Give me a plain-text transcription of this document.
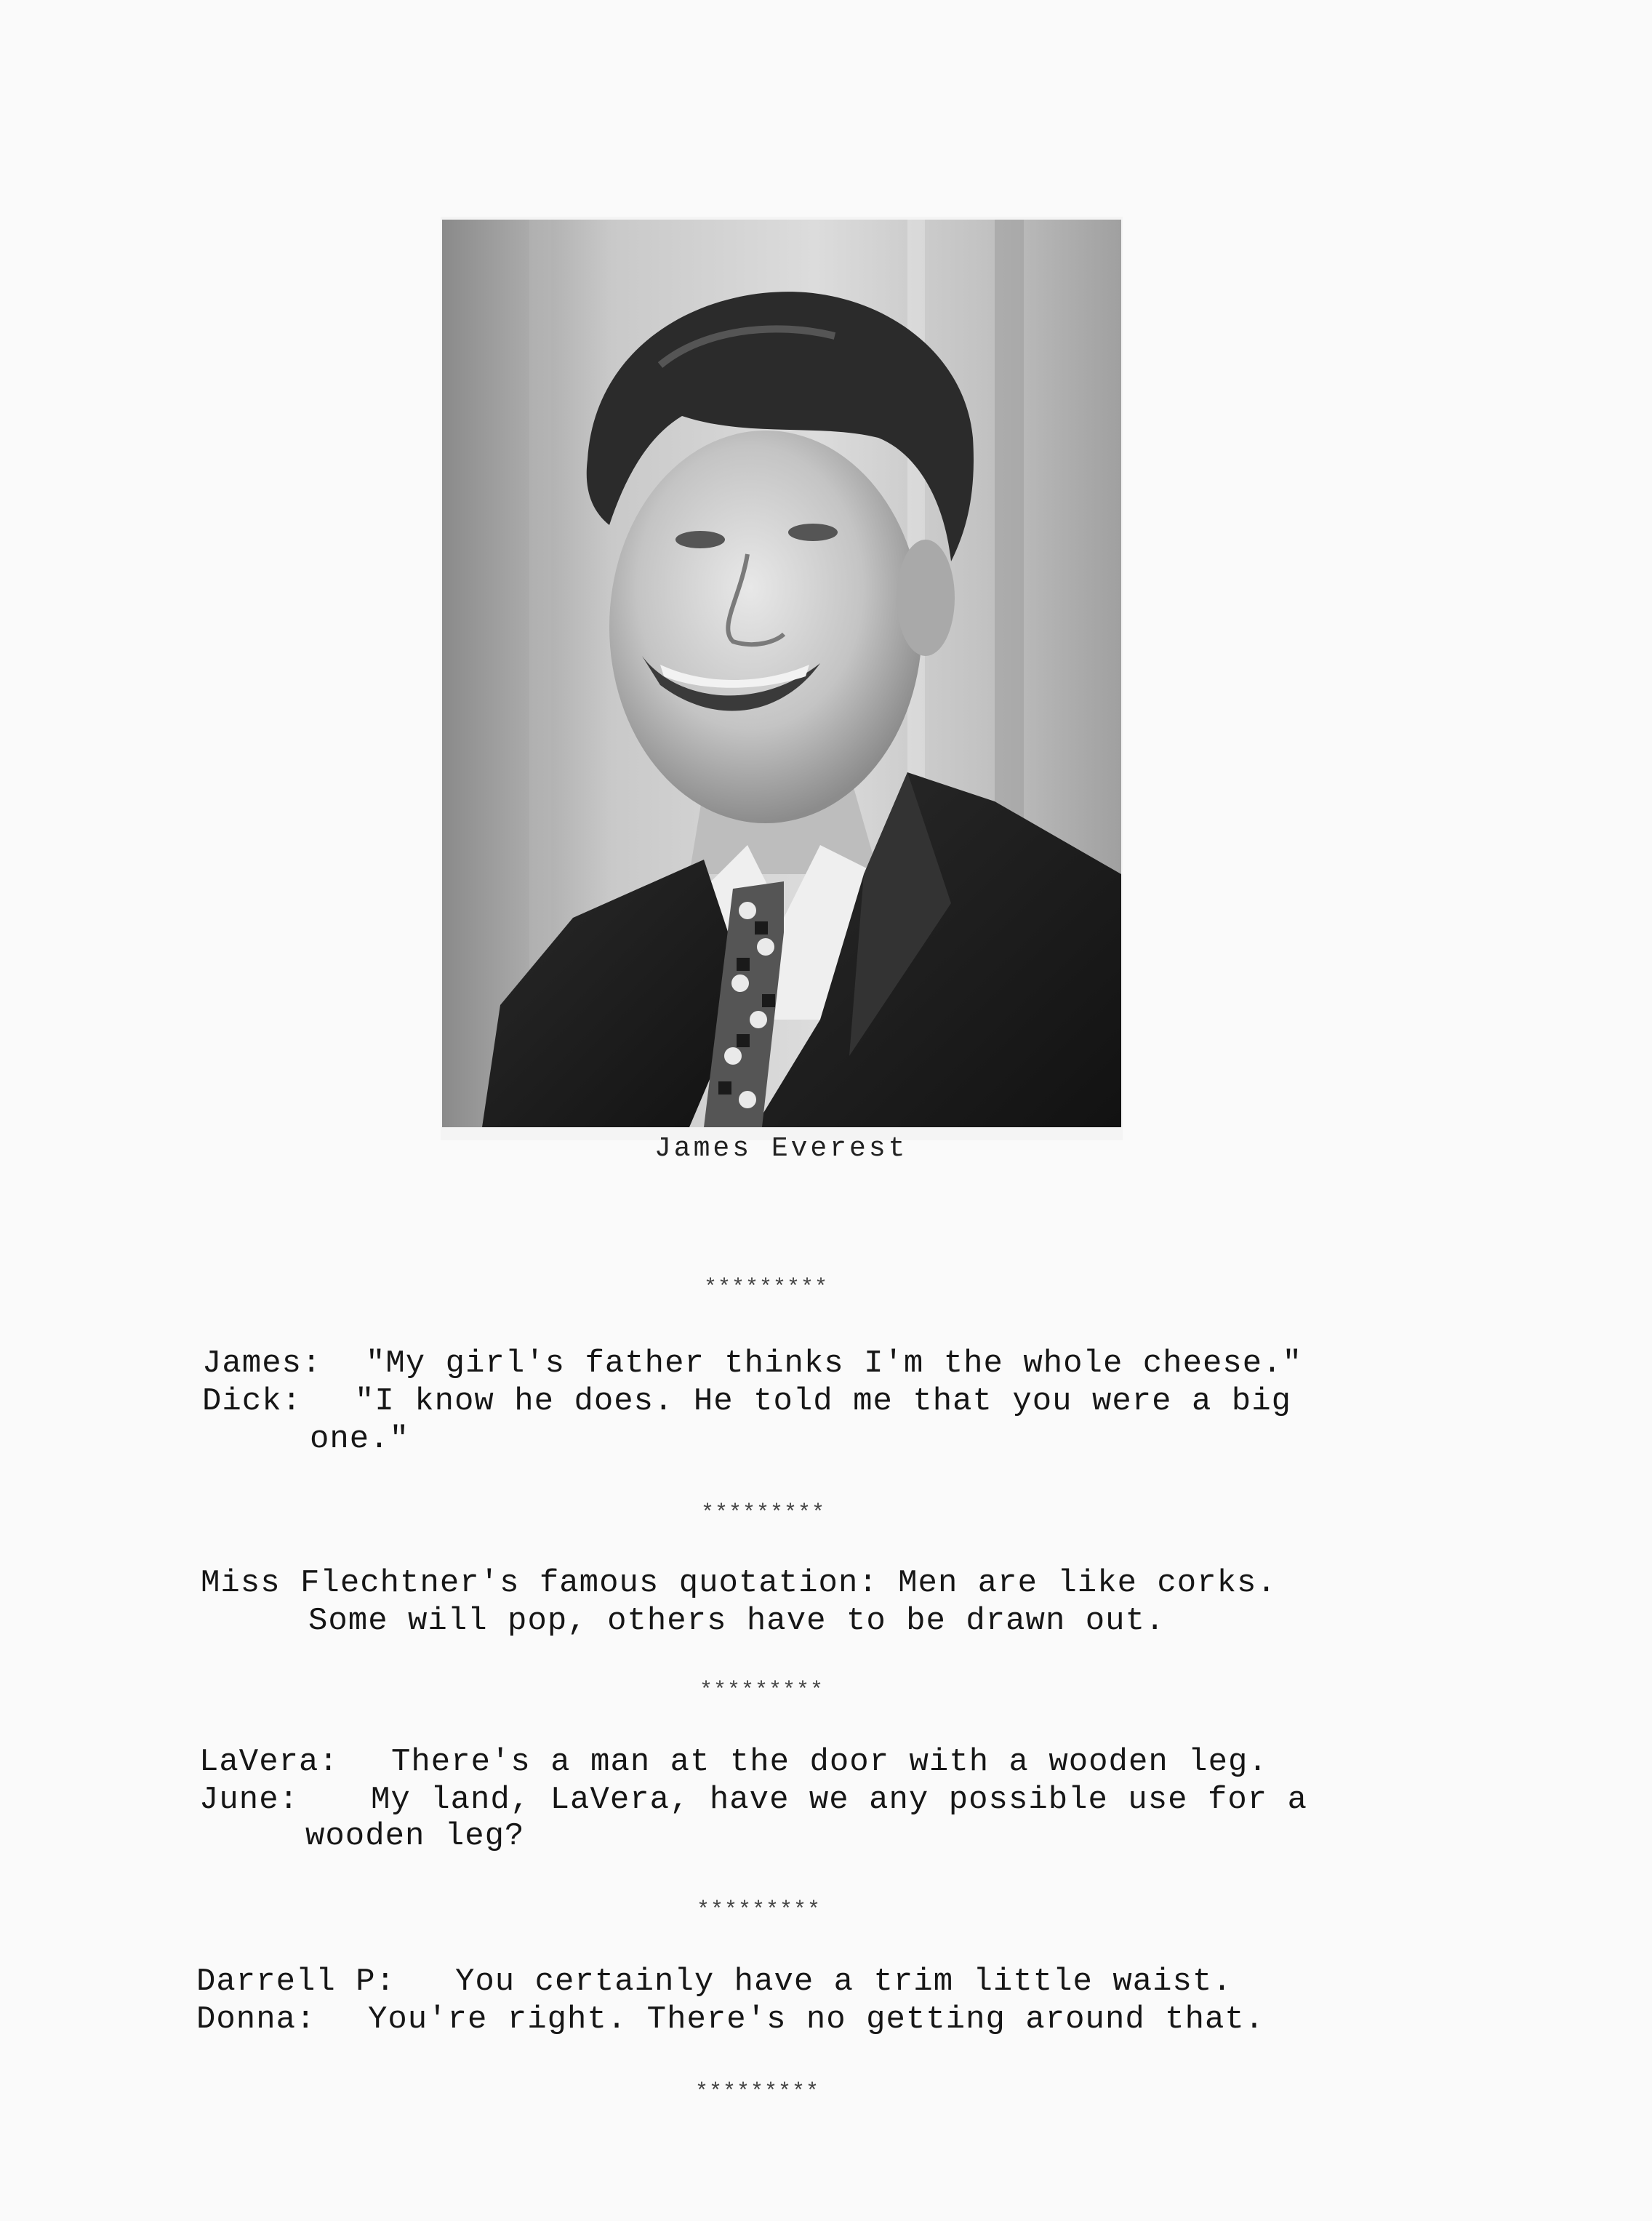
James Everest
*********
James: "My girl's father thinks I'm the whole cheese."
Dick: "I know he does. He told me that you were a big
one."
*********
Miss Flechtner's famous quotation: Men are like corks.
Some will pop, others have to be drawn out.
*********
LaVera: There's a man at the door with a wooden leg.
June: My land, LaVera, have we any possible use for a
wooden leg?
*********
Darrell P: You certainly have a trim little waist.
Donna: You're right. There's no getting around that.
*********
